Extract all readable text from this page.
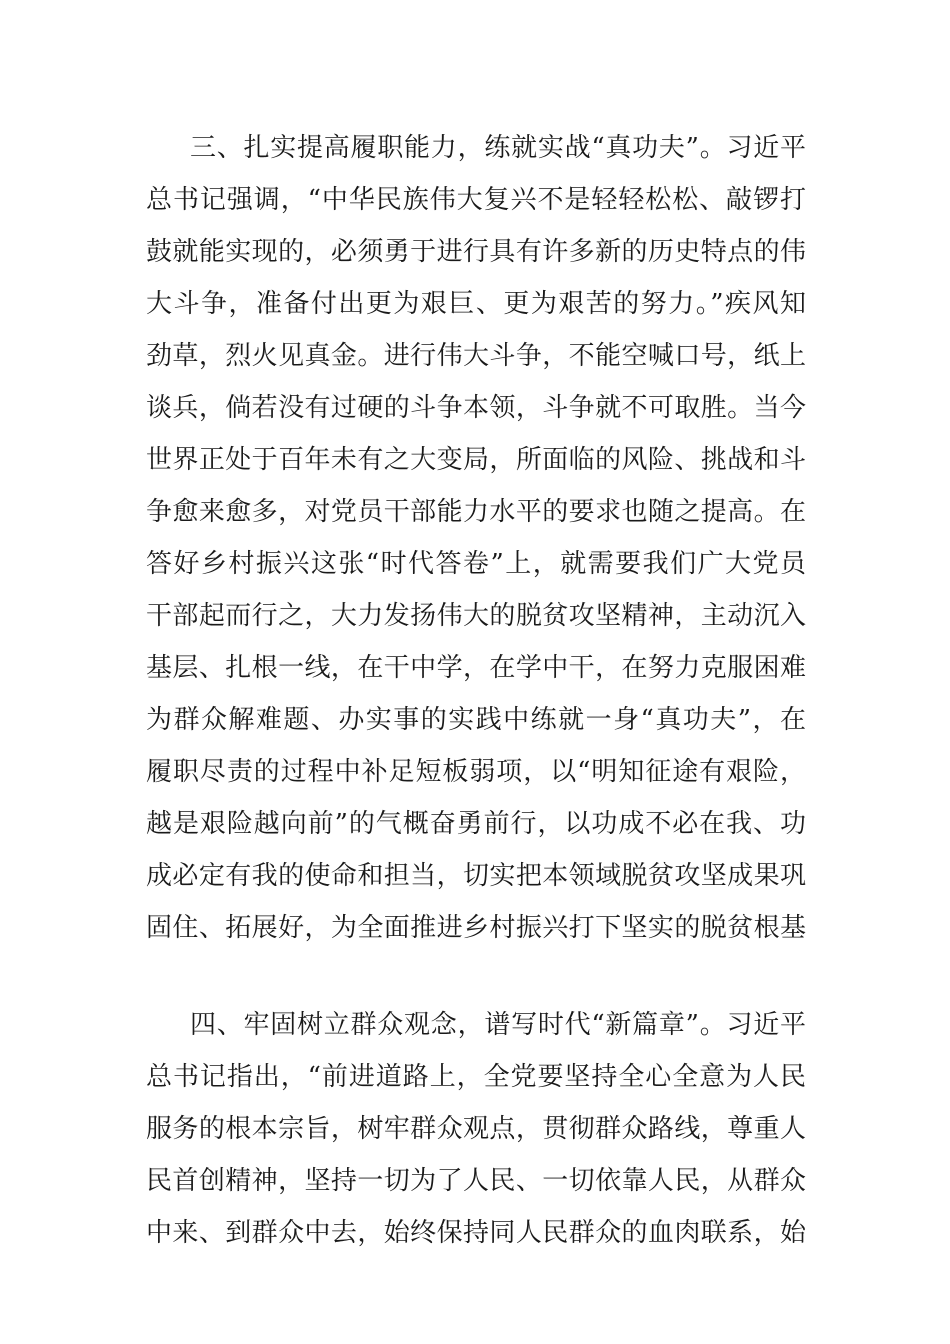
三、扎实提高履职能力，练就实战“真功夫”。习近平
总书记强调，“中华民族伟大复兴不是轻轻松松、敲锣打
鼓就能实现的，必须勇于进行具有许多新的历史特点的伟
大斗争，准备付出更为艰巨、更为艰苦的努力。”疾风知
劲草，烈火见真金。进行伟大斗争，不能空喊口号，纸上
谈兵，倘若没有过硬的斗争本领，斗争就不可取胜。当今
世界正处于百年未有之大变局，所面临的风险、挑战和斗
争愈来愈多，对党员干部能力水平的要求也随之提高。在
答好乡村振兴这张“时代答卷”上，就需要我们广大党员
干部起而行之，大力发扬伟大的脱贫攻坚精神，主动沉入
基层、扎根一线，在干中学，在学中干，在努力克服困难
为群众解难题、办实事的实践中练就一身“真功夫”，在
履职尽责的过程中补足短板弱项，以“明知征途有艰险，
越是艰险越向前”的气概奋勇前行，以功成不必在我、功
成必定有我的使命和担当，切实把本领域脱贫攻坚成果巩
固住、拓展好，为全面推进乡村振兴打下坚实的脱贫根基
四、牢固树立群众观念，谱写时代“新篇章”。习近平
总书记指出，“前进道路上，全党要坚持全心全意为人民
服务的根本宗旨，树牢群众观点，贯彻群众路线，尊重人
民首创精神，坚持一切为了人民、一切依靠人民，从群众
中来、到群众中去，始终保持同人民群众的血肉联系，始
